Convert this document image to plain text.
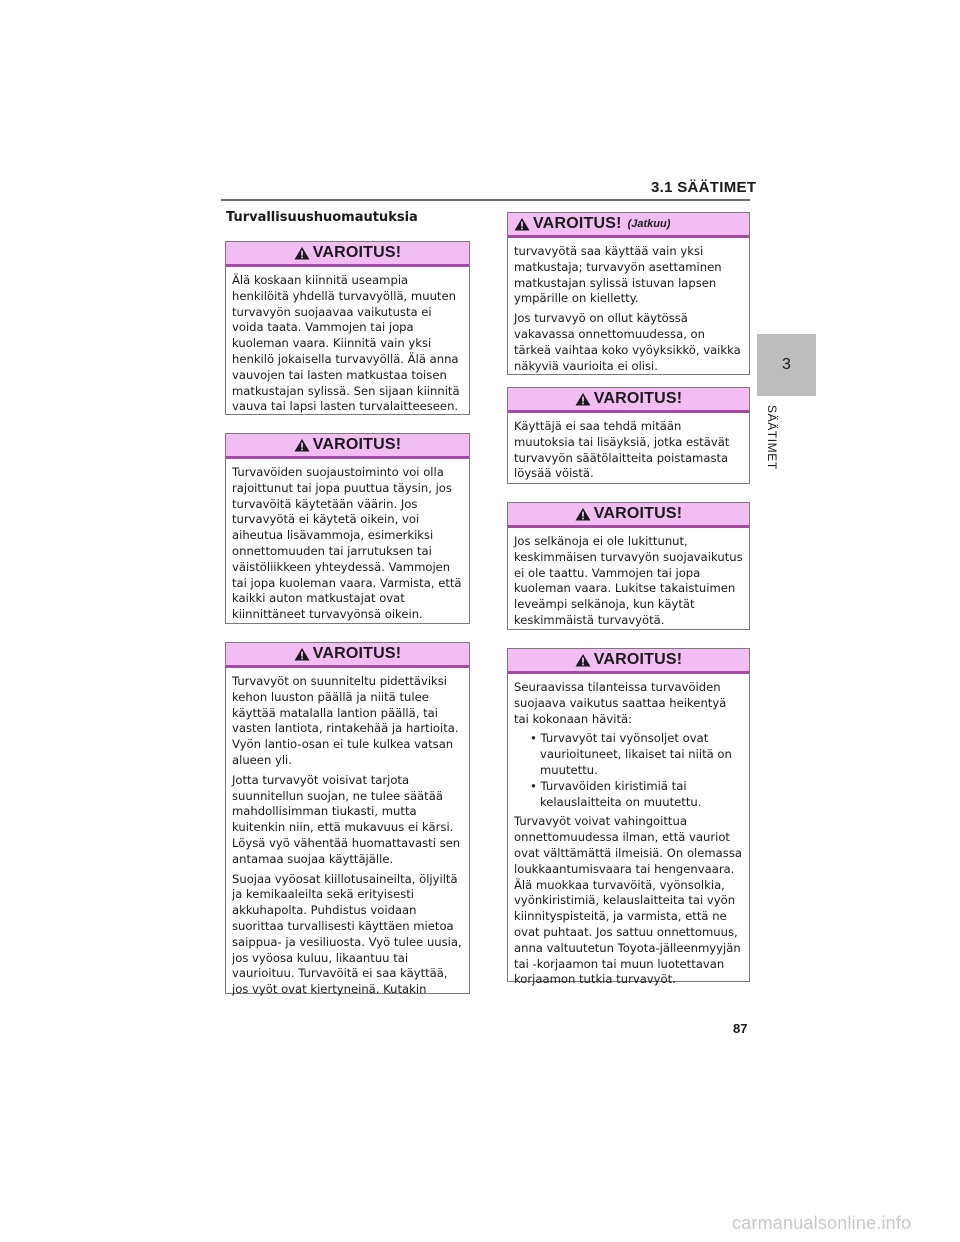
3.1 SÄÄTIMET
Turvallisuushuomautuksia
VAROITUS!

Älä koskaan kiinnitä useampia henkilöitä yhdellä turvavyöllä, muuten turvavyön suojaavaa vaikutusta ei voida taata. Vammojen tai jopa kuoleman vaara. Kiinnitä vain yksi henkilö jokaisella turvavyöllä. Älä anna vauvojen tai lasten matkustaa toisen matkustajan sylissä. Sen sijaan kiinnitä vauva tai lapsi lasten turvalaitteeseen.

VAROITUS!

Turvavöiden suojaustoiminto voi olla rajoittunut tai jopa puuttua täysin, jos turvavöitä käytetään väärin. Jos turvavyötä ei käytetä oikein, voi aiheutua lisävammoja, esimerkiksi onnettomuuden tai jarrutuksen tai väistöliikkeen yhteydessä. Vammojen tai jopa kuoleman vaara. Varmista, että kaikki auton matkustajat ovat kiinnittäneet turvavyönsä oikein.

VAROITUS!

Turvavyöt on suunniteltu pidettäviksi kehon luuston päällä ja niitä tulee käyttää matalalla lantion päällä, tai vasten lantiota, rintakehää ja hartioita. Vyön lantio-osan ei tule kulkea vatsan alueen yli.

Jotta turvavyöt voisivat tarjota suunnitellun suojan, ne tulee säätää mahdollisimman tiukasti, mutta kuitenkin niin, että mukavuus ei kärsi. Löysä vyö vähentää huomattavasti sen antamaa suojaa käyttäjälle.

Suojaa vyöosat kiillotusaineilta, öljyiltä ja kemikaaleilta sekä erityisesti akkuhapolta. Puhdistus voidaan suorittaa turvallisesti käyttäen mietoa saippua- ja vesiliuosta. Vyö tulee uusia, jos vyöosa kuluu, likaantuu tai vaurioituu. Turvavöitä ei saa käyttää, jos vyöt ovat kiertyneinä. Kutakin

VAROITUS! (Jatkuu)

turvavyötä saa käyttää vain yksi matkustaja; turvavyön asettaminen matkustajan sylissä istuvan lapsen ympärille on kielletty.

Jos turvavyö on ollut käytössä vakavassa onnettomuudessa, on tärkeä vaihtaa koko vyöyksikkö, vaikka näkyviä vaurioita ei olisi.

VAROITUS!

Käyttäjä ei saa tehdä mitään muutoksia tai lisäyksiä, jotka estävät turvavyön säätölaitteita poistamasta löysää vöistä.

VAROITUS!

Jos selkänoja ei ole lukittunut, keskimmäisen turvavyön suojavaikutus ei ole taattu. Vammojen tai jopa kuoleman vaara. Lukitse takaistuimen leveämpi selkänoja, kun käytät keskimmäistä turvavyötä.

VAROITUS!

Seuraavissa tilanteissa turvavöiden suojaava vaikutus saattaa heikentyä tai kokonaan hävitä:

• Turvavyöt tai vyönsoljet ovat vaurioituneet, likaiset tai niitä on muutettu.
• Turvavöiden kiristimiä tai kelauslaitteita on muutettu.

Turvavyöt voivat vahingoittua onnettomuudessa ilman, että vauriot ovat välttämättä ilmeisiä. On olemassa loukkaantumisvaara tai hengenvaara. Älä muokkaa turvavöitä, vyönsolkia, vyönkiristimiä, kelauslaitteita tai vyön kiinnityspisteitä, ja varmista, että ne ovat puhtaat. Jos sattuu onnettomuus, anna valtuutetun Toyota-jälleenmyyjän tai -korjaamon tai muun luotettavan korjaamon tutkia turvavyöt.

3
SÄÄTIMET
87
carmanualsonline.info
